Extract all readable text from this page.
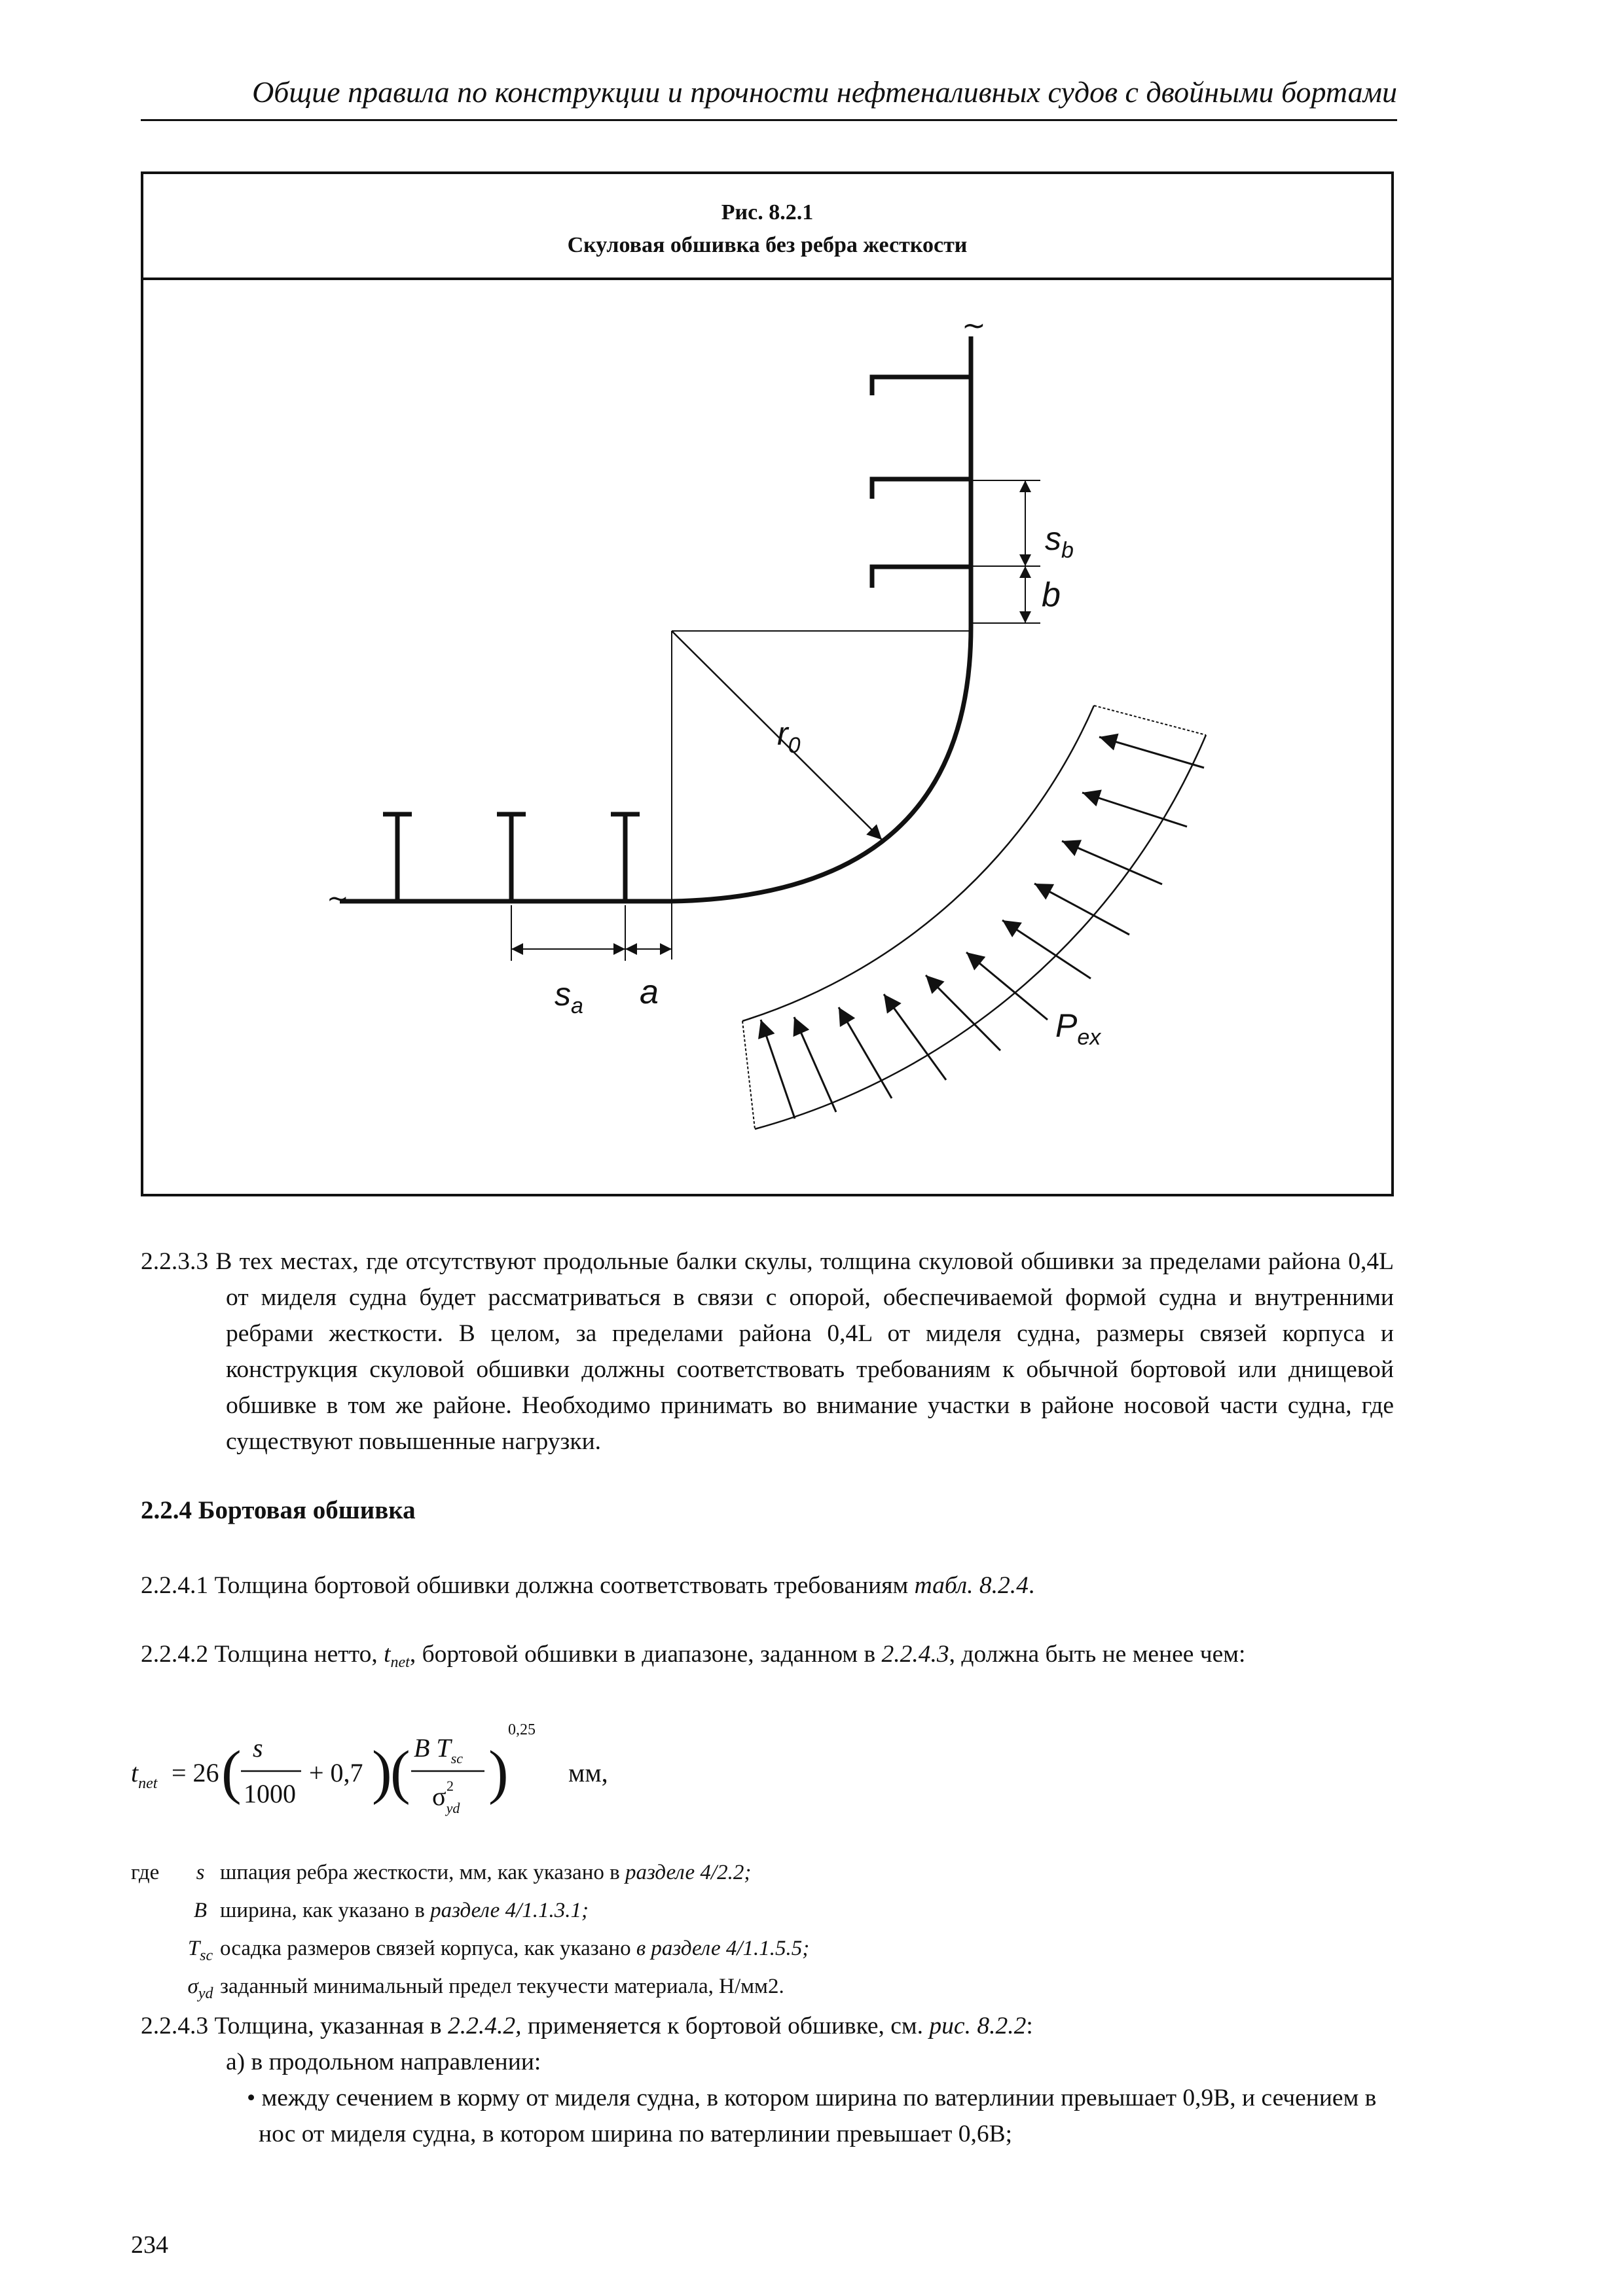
Общие правила по конструкции и прочности нефтеналивных судов с двойными бортами
Рис. 8.2.1
Скуловая обшивка без ребра жесткости
~
~
$s_b$
b
$r_0$
$s_a$ a
$P_{ex}$
2.2.3.3 В тех местах, где отсутствуют продольные балки скулы, толщина скуловой обшивки за пределами района 0,4L от миделя судна будет рассматриваться в связи с опорой, обеспечиваемой формой судна и внутренними ребрами жесткости. В целом, за пределами района 0,4L от миделя судна, размеры связей корпуса и конструкция скуловой обшивки должны соответствовать требованиям к обычной бортовой или днищевой обшивке в том же районе. Необходимо принимать во внимание участки в районе носовой части судна, где существуют повышенные нагрузки.
2.2.4 Бортовая обшивка
2.2.4.1 Толщина бортовой обшивки должна соответствовать требованиям табл. 8.2.4.
2.2.4.2 Толщина нетто, $t_{net}$, бортовой обшивки в диапазоне, заданном в 2.2.4.3, должна быть не менее чем:
$t_{net} = 26$ ( s
1000
+ 0,7 )
( B $T_{sc}$
$\sigma_{yd}$
2 )
0,25
мм,
где	s шпация ребра жесткости, мм, как указано в разделе 4/2.2;
B ширина, как указано в разделе 4/1.1.3.1;
$T_{sc}$ осадка размеров связей корпуса, как указано в разделе 4/1.1.5.5;
$\sigma_{yd}$ заданный минимальный предел текучести материала, Н/мм2.
2.2.4.3 Толщина, указанная в 2.2.4.2, применяется к бортовой обшивке, см. рис. 8.2.2:
а) в продольном направлении:
• между сечением в корму от миделя судна, в котором ширина по ватерлинии превышает 0,9B, и сечением в нос от миделя судна, в котором ширина по ватерлинии превышает 0,6B;
234
